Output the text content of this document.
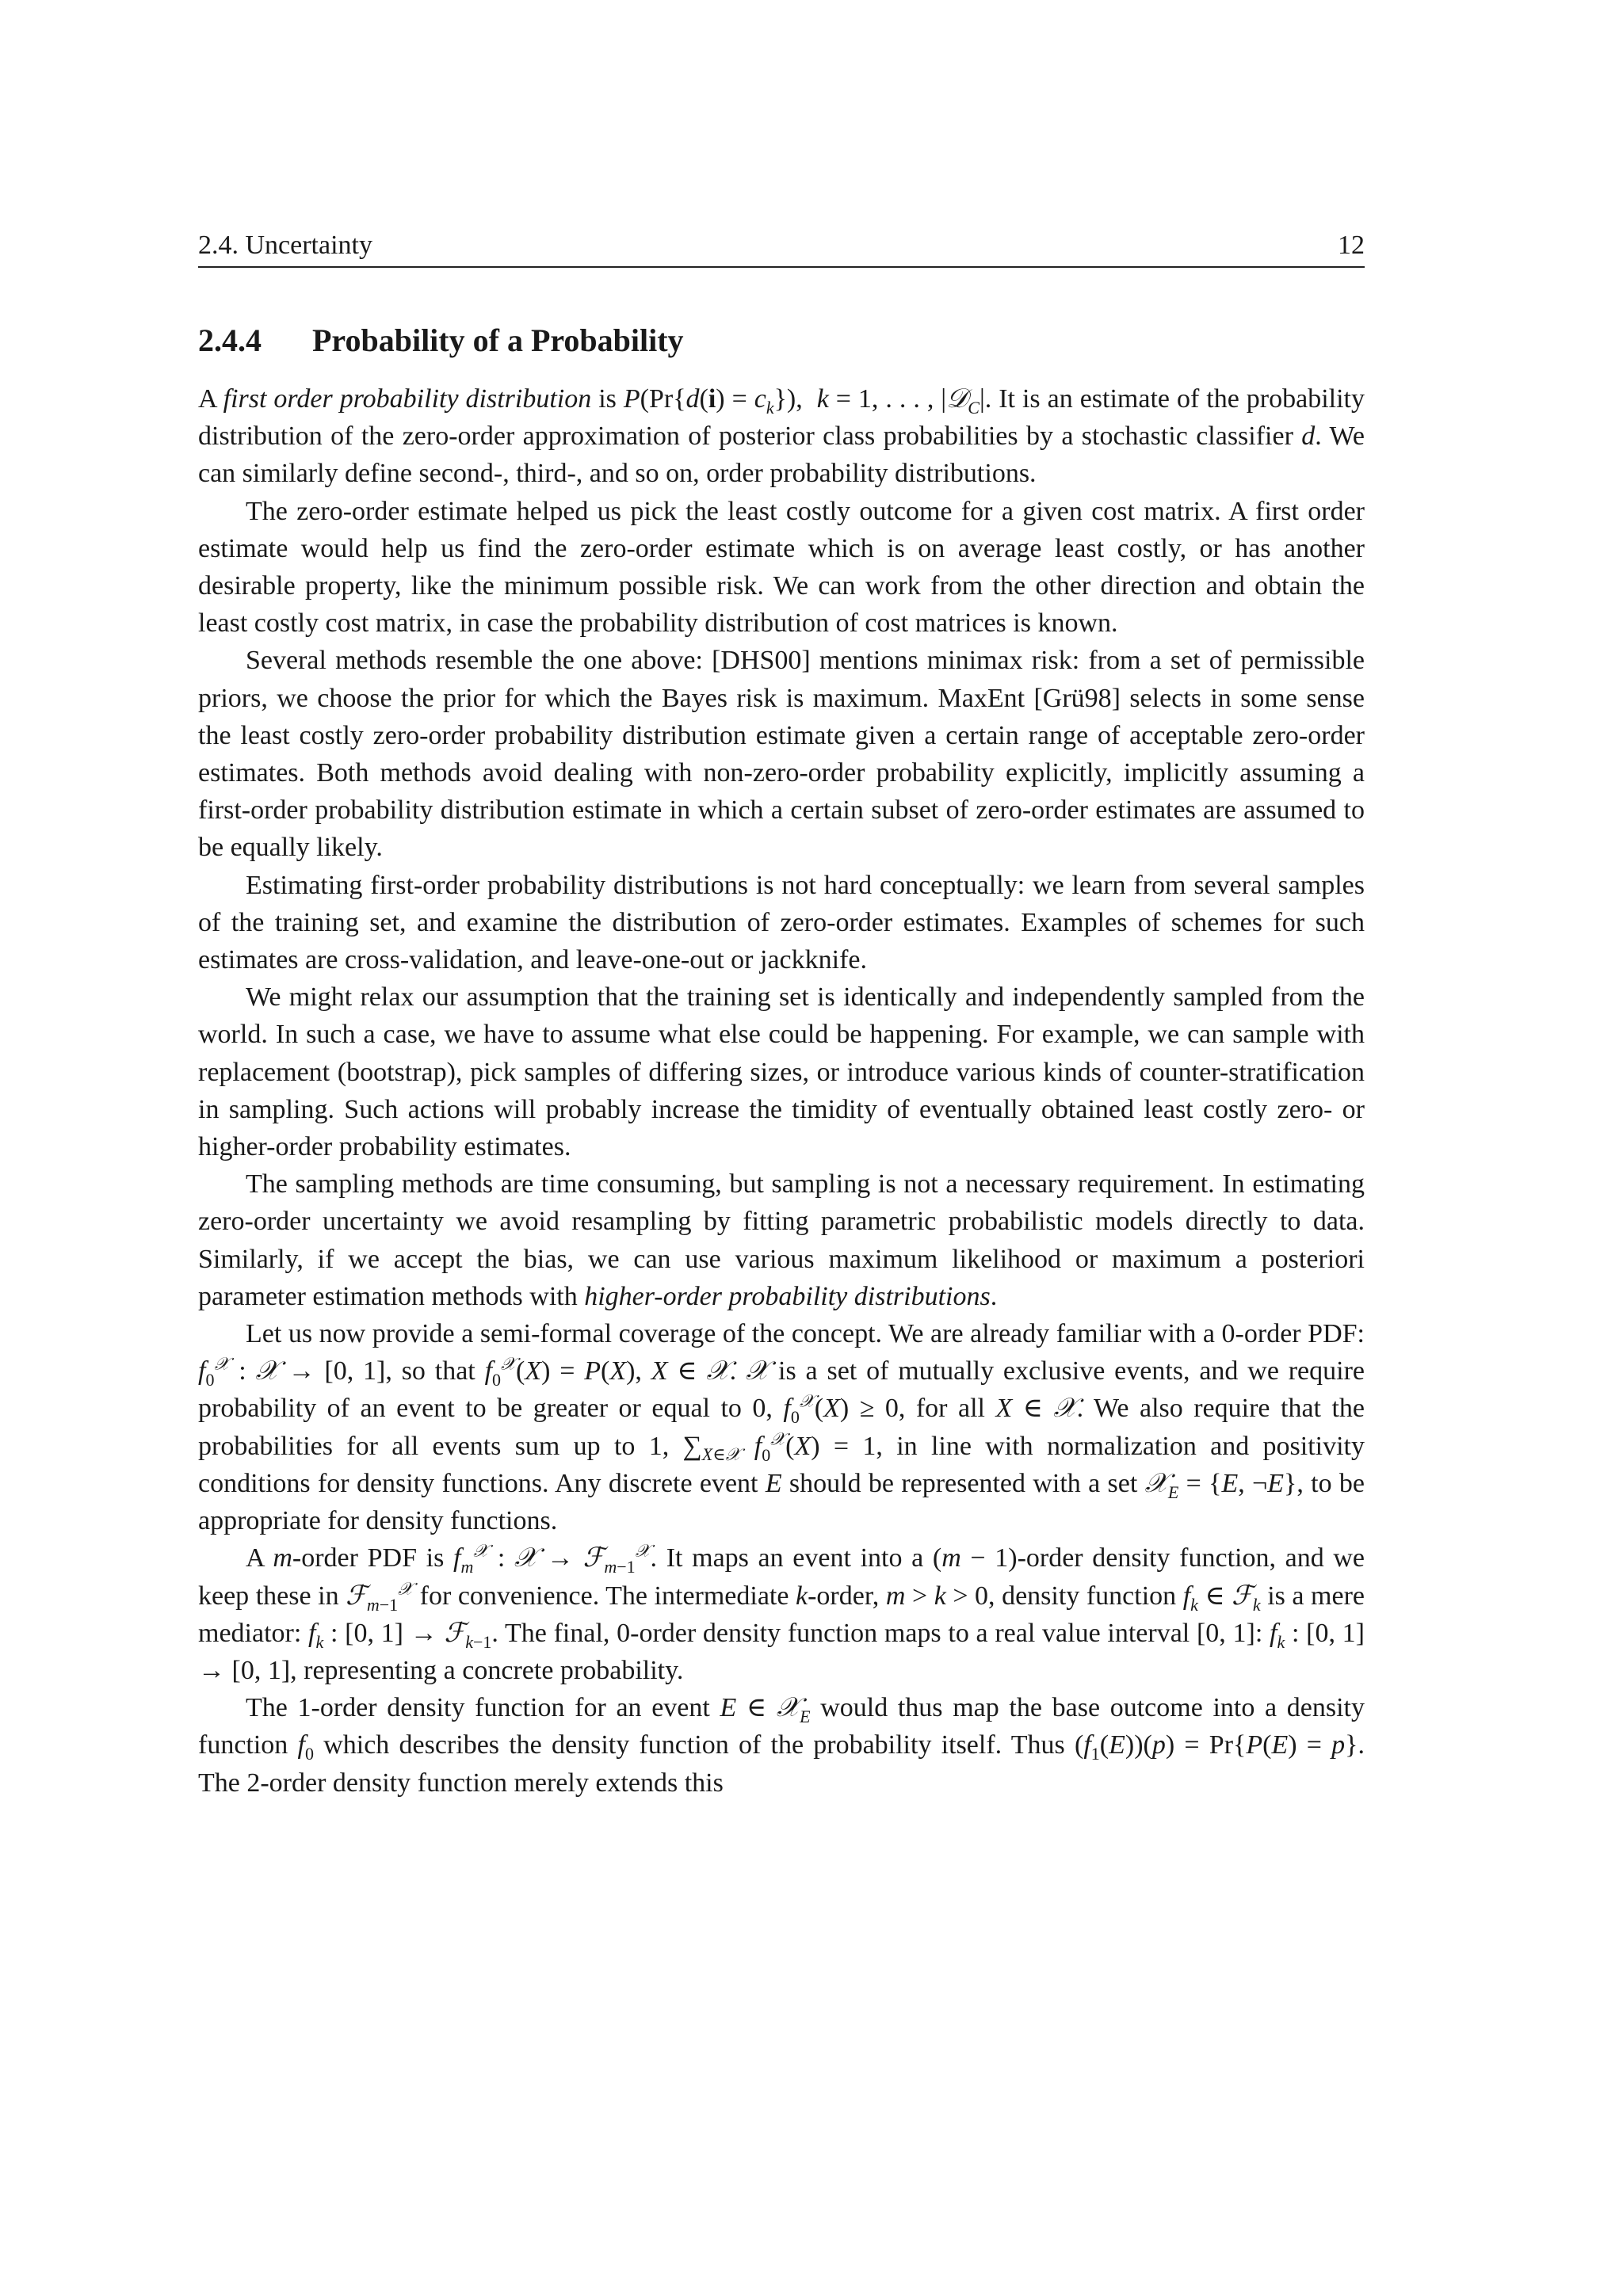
2.4. Uncertainty	12

2.4.4 Probability of a Probability

A first order probability distribution is $P(Pr\{d(i) = c_k\})$,  k = 1, . . . , |𝒟$_C$|. It is an estimate of the probability distribution of the zero-order approximation of posterior class probabilities by a stochastic classifier d. We can similarly define second-, third-, and so on, order probability distributions.

The zero-order estimate helped us pick the least costly outcome for a given cost matrix. A first order estimate would help us find the zero-order estimate which is on average least costly, or has another desirable property, like the minimum possible risk. We can work from the other direction and obtain the least costly cost matrix, in case the probability distribution of cost matrices is known.

Several methods resemble the one above: [DHS00] mentions minimax risk: from a set of permissible priors, we choose the prior for which the Bayes risk is maximum. MaxEnt [Grü98] selects in some sense the least costly zero-order probability distribution estimate given a certain range of acceptable zero-order estimates. Both methods avoid dealing with non-zero-order probability explicitly, implicitly assuming a first-order probability distribution estimate in which a certain subset of zero-order estimates are assumed to be equally likely.

Estimating first-order probability distributions is not hard conceptually: we learn from several samples of the training set, and examine the distribution of zero-order estimates. Examples of schemes for such estimates are cross-validation, and leave-one-out or jackknife.

We might relax our assumption that the training set is identically and independently sampled from the world. In such a case, we have to assume what else could be happening. For example, we can sample with replacement (bootstrap), pick samples of differing sizes, or introduce various kinds of counter-stratification in sampling. Such actions will probably increase the timidity of eventually obtained least costly zero- or higher-order probability estimates.

The sampling methods are time consuming, but sampling is not a necessary requirement. In estimating zero-order uncertainty we avoid resampling by fitting parametric probabilistic models directly to data. Similarly, if we accept the bias, we can use various maximum likelihood or maximum a posteriori parameter estimation methods with higher-order probability distributions.

Let us now provide a semi-formal coverage of the concept. We are already familiar with a 0-order PDF: $f_0^𝒳$ : 𝒳 → [0, 1], so that $f_0^𝒳(X) = P(X)$, X ∈ 𝒳. 𝒳 is a set of mutually exclusive events, and we require probability of an event to be greater or equal to 0, $f_0^𝒳(X) \ge 0$, for all X ∈ 𝒳. We also require that the probabilities for all events sum up to 1, $\sum_{X\in 𝒳}$ $f_0^𝒳(X) = 1$, in line with normalization and positivity conditions for density functions. Any discrete event E should be represented with a set 𝒳$_E$ = {E, ¬E}, to be appropriate for density functions.

A m-order PDF is $f_m^𝒳$ : 𝒳 → ℱ$_{m-1}^𝒳$. It maps an event into a (m − 1)-order density function, and we keep these in ℱ$_{m-1}^𝒳$ for convenience. The intermediate k-order, m > k > 0, density function $f_k$ ∈ ℱ$_k$ is a mere mediator: $f_k$ : [0, 1] → ℱ$_{k-1}$. The final, 0-order density function maps to a real value interval [0, 1]: $f_k$ : [0, 1] → [0, 1], representing a concrete probability.

The 1-order density function for an event E ∈ 𝒳$_E$ would thus map the base outcome into a density function $f_0$ which describes the density function of the probability itself. Thus $(f_1(E))(p) = Pr\{P(E) = p\}$. The 2-order density function merely extends this
